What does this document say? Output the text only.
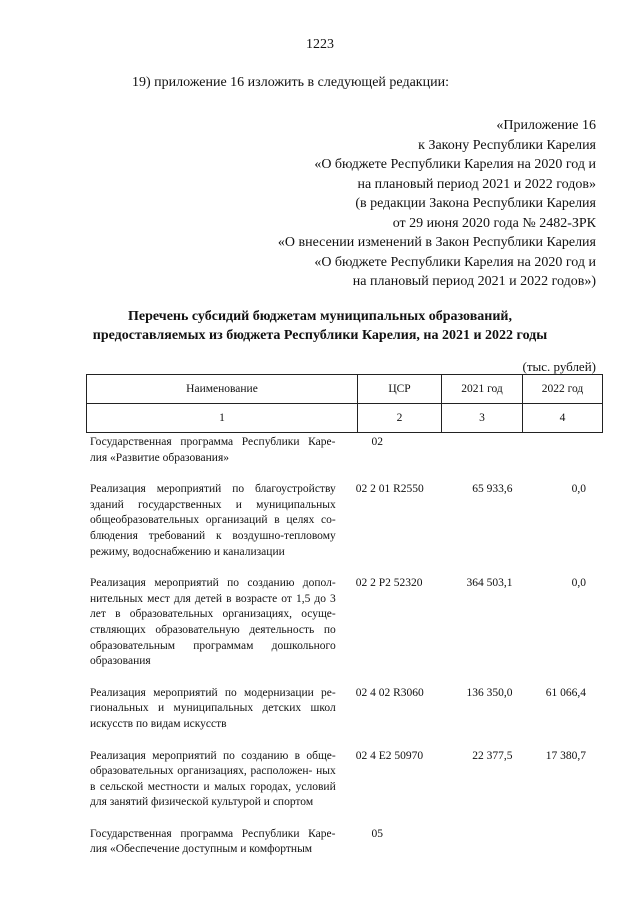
1223
19) приложение 16 изложить в следующей редакции:
«Приложение 16
к Закону Республики Карелия
«О бюджете Республики Карелия на 2020 год и
на плановый период 2021 и 2022 годов»
(в редакции Закона Республики Карелия
от 29 июня 2020 года № 2482-ЗРК
«О внесении изменений в Закон Республики Карелия
«О бюджете Республики Карелия на 2020 год и
на плановый период 2021 и 2022 годов»)
Перечень субсидий бюджетам муниципальных образований,
предоставляемых из бюджета Республики Карелия, на 2021 и 2022 годы
(тыс. рублей)
Наименование	ЦСР	2021 год	2022 год
1	2	3	4
Государственная программа Республики Каре- лия «Развитие образования»
02
Реализация мероприятий по благоустройству зданий государственных и муниципальных общеобразовательных организаций в целях со- блюдения требований к воздушно-тепловому режиму, водоснабжению и канализации
02 2 01 R2550	65 933,6	0,0
Реализация мероприятий по созданию допол- нительных мест для детей в возрасте от 1,5 до 3 лет в образовательных организациях, осуще- ствляющих образовательную деятельность по образовательным программам дошкольного образования
02 2 P2 52320	364 503,1	0,0
Реализация мероприятий по модернизации ре- гиональных и муниципальных детских школ искусств по видам искусств
02 4 02 R3060	136 350,0	61 066,4
Реализация мероприятий по созданию в обще- образовательных организациях, расположен- ных в сельской местности и малых городах, условий для занятий физической культурой и спортом
02 4 E2 50970	22 377,5	17 380,7
Государственная программа Республики Каре- лия «Обеспечение доступным и комфортным
05
